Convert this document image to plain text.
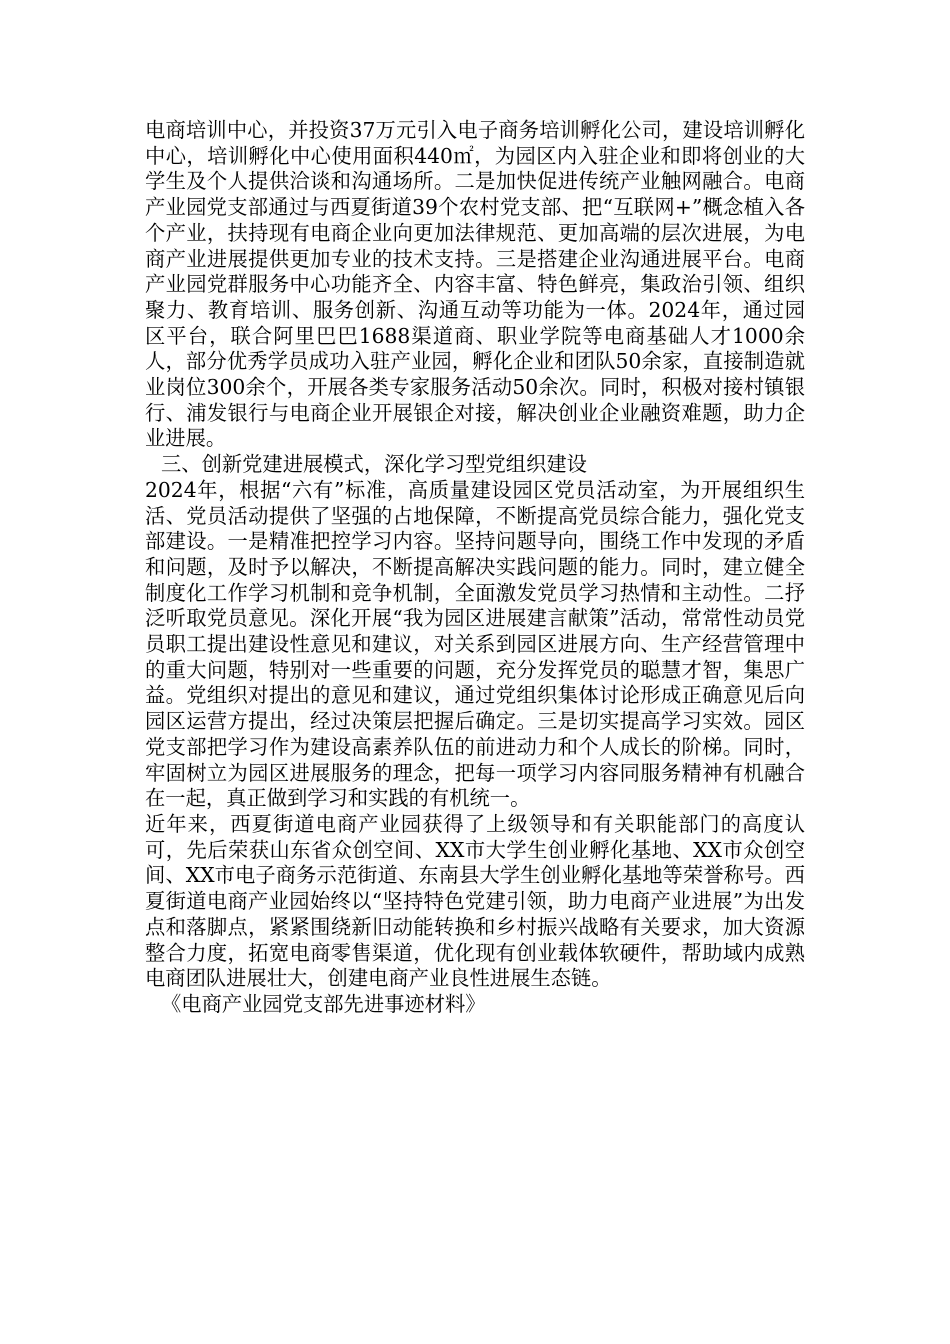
电商培训中心，并投资37万元引入电子商务培训孵化公司，建设培训孵化中心，培训孵化中心使用面积440㎡，为园区内入驻企业和即将创业的大学生及个人提供洽谈和沟通场所。二是加快促进传统产业触网融合。电商产业园党支部通过与西夏街道39个农村党支部、把“互联网+”概念植入各个产业，扶持现有电商企业向更加法律规范、更加高端的层次进展，为电商产业进展提供更加专业的技术支持。三是搭建企业沟通进展平台。电商产业园党群服务中心功能齐全、内容丰富、特色鲜亮，集政治引领、组织聚力、教育培训、服务创新、沟通互动等功能为一体。2024年，通过园区平台，联合阿里巴巴1688渠道商、职业学院等电商基础人才1000余人，部分优秀学员成功入驻产业园，孵化企业和团队50余家，直接制造就业岗位300余个，开展各类专家服务活动50余次。同时，积极对接村镇银行、浦发银行与电商企业开展银企对接，解决创业企业融资难题，助力企业进展。

三、创新党建进展模式，深化学习型党组织建设

2024年，根据“六有”标准，高质量建设园区党员活动室，为开展组织生活、党员活动提供了坚强的占地保障，不断提高党员综合能力，强化党支部建设。一是精准把控学习内容。坚持问题导向，围绕工作中发现的矛盾和问题，及时予以解决，不断提高解决实践问题的能力。同时，建立健全制度化工作学习机制和竞争机制，全面激发党员学习热情和主动性。二抒泛听取党员意见。深化开展“我为园区进展建言献策”活动，常常性动员党员职工提出建设性意见和建议，对关系到园区进展方向、生产经营管理中的重大问题，特别对一些重要的问题，充分发挥党员的聪慧才智，集思广益。党组织对提出的意见和建议，通过党组织集体讨论形成正确意见后向园区运营方提出，经过决策层把握后确定。三是切实提高学习实效。园区党支部把学习作为建设高素养队伍的前进动力和个人成长的阶梯。同时，牢固树立为园区进展服务的理念，把每一项学习内容同服务精神有机融合在一起，真正做到学习和实践的有机统一。

近年来，西夏街道电商产业园获得了上级领导和有关职能部门的高度认可，先后荣获山东省众创空间、XX市大学生创业孵化基地、XX市众创空间、XX市电子商务示范街道、东南县大学生创业孵化基地等荣誉称号。西夏街道电商产业园始终以“坚持特色党建引领，助力电商产业进展”为出发点和落脚点，紧紧围绕新旧动能转换和乡村振兴战略有关要求，加大资源整合力度，拓宽电商零售渠道，优化现有创业载体软硬件，帮助域内成熟电商团队进展壮大，创建电商产业良性进展生态链。

《电商产业园党支部先进事迹材料》
